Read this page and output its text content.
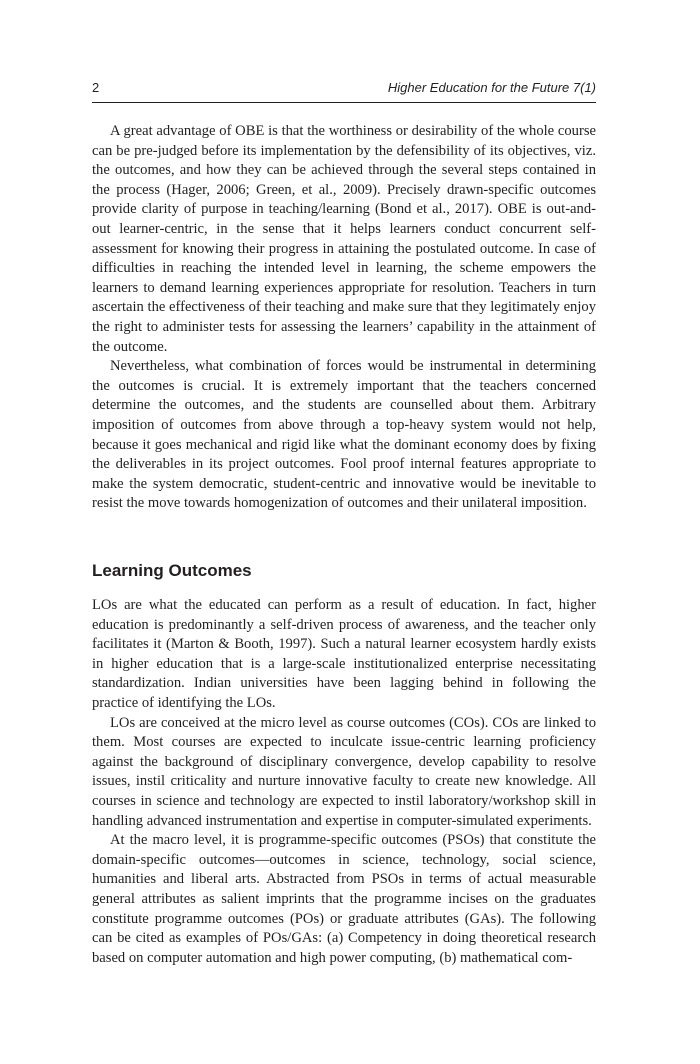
2	Higher Education for the Future 7(1)

A great advantage of OBE is that the worthiness or desirability of the whole course can be pre-judged before its implementation by the defensibility of its objectives, viz. the outcomes, and how they can be achieved through the several steps contained in the process (Hager, 2006; Green, et al., 2009). Precisely drawn-specific outcomes provide clarity of purpose in teaching/learning (Bond et al., 2017). OBE is out-and-out learner-centric, in the sense that it helps learners conduct concurrent self-assessment for knowing their progress in attaining the postulated outcome. In case of difficulties in reaching the intended level in learning, the scheme empowers the learners to demand learning experiences appropriate for resolution. Teachers in turn ascertain the effectiveness of their teaching and make sure that they legitimately enjoy the right to administer tests for assessing the learners’ capability in the attainment of the outcome.

Nevertheless, what combination of forces would be instrumental in determining the outcomes is crucial. It is extremely important that the teachers concerned determine the outcomes, and the students are counselled about them. Arbitrary imposition of outcomes from above through a top-heavy system would not help, because it goes mechanical and rigid like what the dominant economy does by fixing the deliverables in its project outcomes. Fool proof internal features appropriate to make the system democratic, student-centric and innovative would be inevitable to resist the move towards homogenization of outcomes and their unilateral imposition.

Learning Outcomes

LOs are what the educated can perform as a result of education. In fact, higher education is predominantly a self-driven process of awareness, and the teacher only facilitates it (Marton & Booth, 1997). Such a natural learner ecosystem hardly exists in higher education that is a large-scale institutionalized enterprise necessitating standardization. Indian universities have been lagging behind in following the practice of identifying the LOs.

LOs are conceived at the micro level as course outcomes (COs). COs are linked to them. Most courses are expected to inculcate issue-centric learning proficiency against the background of disciplinary convergence, develop capability to resolve issues, instil criticality and nurture innovative faculty to create new knowledge. All courses in science and technology are expected to instil laboratory/workshop skill in handling advanced instrumentation and expertise in computer-simulated experiments.

At the macro level, it is programme-specific outcomes (PSOs) that constitute the domain-specific outcomes—outcomes in science, technology, social science, humanities and liberal arts. Abstracted from PSOs in terms of actual measurable general attributes as salient imprints that the programme incises on the graduates constitute programme outcomes (POs) or graduate attributes (GAs). The following can be cited as examples of POs/GAs: (a) Competency in doing theoretical research based on computer automation and high power computing, (b) mathematical com-
